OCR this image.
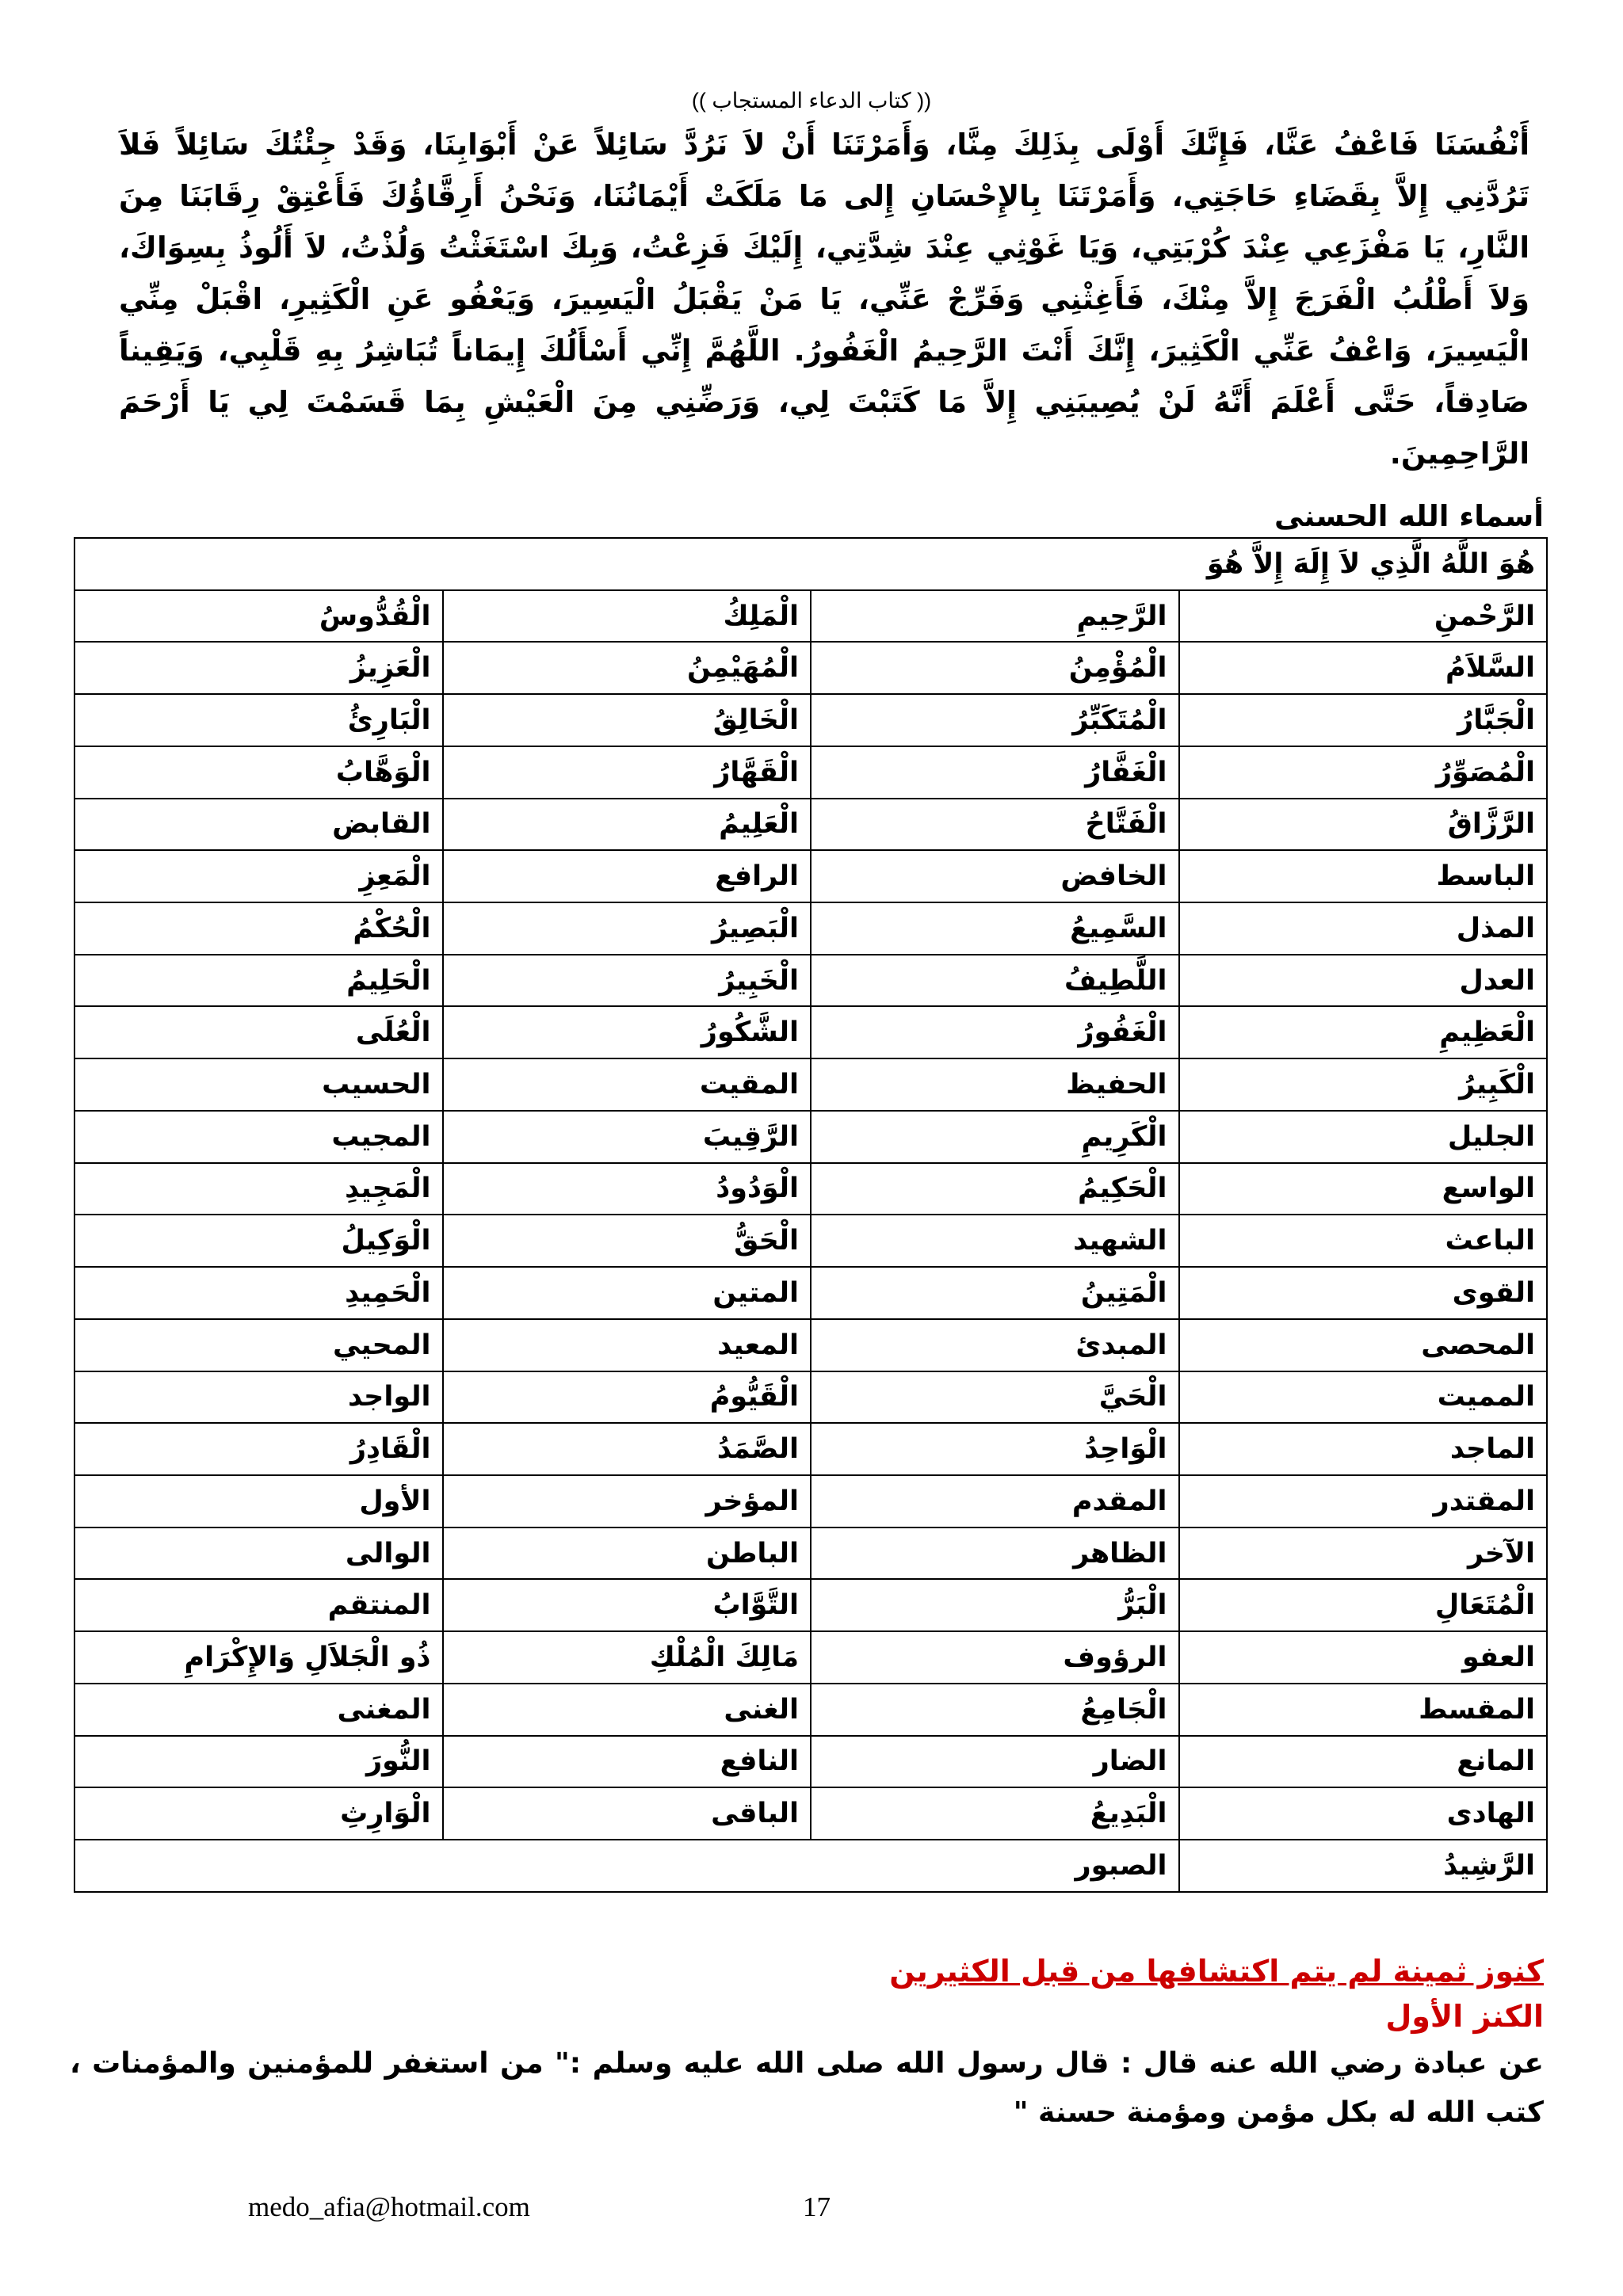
(( كتاب الدعاء المستجاب ))
أَنْفُسَنَا فَاعْفُ عَنَّا، فَإِنَّكَ أَوْلَى بِذَلِكَ مِنَّا، وَأَمَرْتَنَا أَنْ لاَ نَرُدَّ سَائِلاً عَنْ أَبْوَابِنَا، وَقَدْ جِئْتُكَ سَائِلاً فَلاَ تَرُدَّنِي إِلاَّ بِقَضَاءِ حَاجَتِي، وَأَمَرْتَنَا بِالإِحْسَانِ إِلى مَا مَلَكَتْ أَيْمَانُنَا، وَنَحْنُ أَرِقَّاؤُكَ فَأَعْتِقْ رِقَابَنَا مِنَ النَّارِ، يَا مَفْزَعِي عِنْدَ كُرْبَتِي، وَيَا غَوْثِي عِنْدَ شِدَّتِي، إِلَيْكَ فَزِعْتُ، وَبِكَ اسْتَغَثْتُ وَلُذْتُ، لاَ أَلُوذُ بِسِوَاكَ، وَلاَ أَطْلُبُ الْفَرَجَ إِلاَّ مِنْكَ، فَأَغِثْنِي وَفَرِّجْ عَنِّي، يَا مَنْ يَقْبَلُ الْيَسِيرَ، وَيَعْفُو عَنِ الْكَثِيرِ، اقْبَلْ مِنِّي الْيَسِيرَ، وَاعْفُ عَنِّي الْكَثِيرَ، إِنَّكَ أَنْتَ الرَّحِيمُ الْغَفُورُ. اللَّهُمَّ إِنِّي أَسْأَلُكَ إِيمَاناً تُبَاشِرُ بِهِ قَلْبِي، وَيَقِيناً صَادِقاً، حَتَّى أَعْلَمَ أَنَّهُ لَنْ يُصِيبَنِي إِلاَّ مَا كَتَبْتَ لِي، وَرَضِّنِي مِنَ الْعَيْشِ بِمَا قَسَمْتَ لِي يَا أَرْحَمَ الرَّاحِمِينَ.
أسماء الله الحسنى
هُوَ اللَّهُ الَّذِي لاَ إِلَهَ إِلاَّ هُوَ			
الرَّحْمنِ	الرَّحِيمِ	الْمَلِكُ	الْقُدُّوسُ
السَّلاَمُ	الْمُؤْمِنُ	الْمُهَيْمِنُ	الْعَزِيزُ
الْجَبَّارُ	الْمُتَكَبِّرُ	الْخَالِقُ	الْبَارِئُ
الْمُصَوِّرُ	الْغَفَّارُ	الْقَهَّارُ	الْوَهَّابُ
الرَّزَّاقُ	الْفَتَّاحُ	الْعَلِيمُ	القابض
الباسط	الخافض	الرافع	الْمَعِزِ
المذل	السَّمِيعُ	الْبَصِيرُ	الْحُكْمُ
العدل	اللَّطِيفُ	الْخَبِيرُ	الْحَلِيمُ
الْعَظِيمِ	الْغَفُورُ	الشَّكُورُ	الْعُلَى
الْكَبِيرُ	الحفيظ	المقيت	الحسيب
الجليل	الْكَرِيمِ	الرَّقِيبَ	المجيب
الواسع	الْحَكِيمُ	الْوَدُودُ	الْمَجِيدِ
الباعث	الشهيد	الْحَقُّ	الْوَكِيلُ
القوى	الْمَتِينُ	المتين	الْحَمِيدِ
المحصى	المبدئ	المعيد	المحيي
المميت	الْحَيَّ	الْقَيُّومُ	الواجد
الماجد	الْوَاحِدُ	الصَّمَدُ	الْقَادِرُ
المقتدر	المقدم	المؤخر	الأول
الآخر	الظاهر	الباطن	الوالى
الْمُتَعَالِ	الْبَرُّ	التَّوَّابُ	المنتقم
العفو	الرؤوف	مَالِكَ الْمُلْكِ	ذُو الْجَلاَلِ وَالإِكْرَامِ
المقسط	الْجَامِعُ	الغنى	المغنى
المانع	الضار	النافع	النُّورَ
الهادى	الْبَدِيعُ	الباقى	الْوَارِثِ
الرَّشِيدُ	الصبور		
كنوز ثمينة لم يتم اكتشافها من قبل الكثيرين
الكنز الأول
عن عبادة رضي الله عنه قال : قال رسول الله صلى الله عليه وسلم :" من استغفر للمؤمنين والمؤمنات ، كتب الله له بكل مؤمن ومؤمنة حسنة "
medo_afia@hotmail.com	17
